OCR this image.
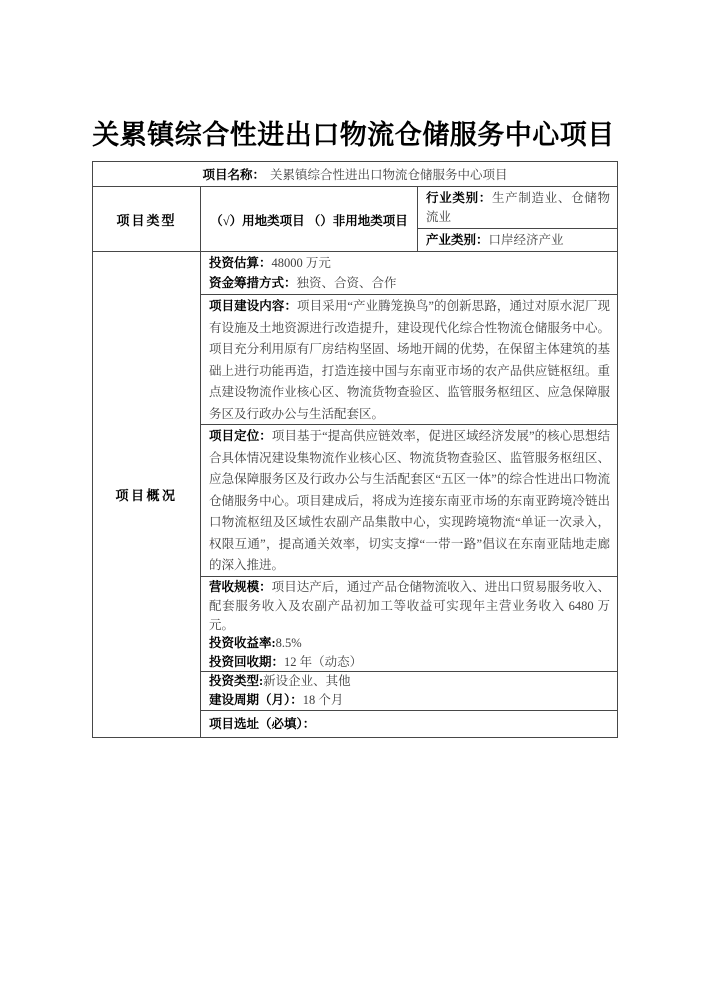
关累镇综合性进出口物流仓储服务中心项目
项目名称： 关累镇综合性进出口物流仓储服务中心项目
项目类型	（√）用地类项目 （）非用地类项目
行业类别：生产制造业、仓储物流业
产业类别：口岸经济产业
项目概况
投资估算：48000 万元
资金筹措方式：独资、合资、合作
项目建设内容：项目采用“产业腾笼换鸟”的创新思路，通过对原水泥厂现有设施及土地资源进行改造提升，建设现代化综合性物流仓储服务中心。项目充分利用原有厂房结构坚固、场地开阔的优势，在保留主体建筑的基础上进行功能再造，打造连接中国与东南亚市场的农产品供应链枢纽。重点建设物流作业核心区、物流货物查验区、监管服务枢纽区、应急保障服务区及行政办公与生活配套区。
项目定位：项目基于“提高供应链效率，促进区域经济发展”的核心思想结合具体情况建设集物流作业核心区、物流货物查验区、监管服务枢纽区、应急保障服务区及行政办公与生活配套区“五区一体”的综合性进出口物流仓储服务中心。项目建成后，将成为连接东南亚市场的东南亚跨境冷链出口物流枢纽及区域性农副产品集散中心，实现跨境物流“单证一次录入，权限互通”，提高通关效率，切实支撑“一带一路”倡议在东南亚陆地走廊的深入推进。
营收规模：项目达产后，通过产品仓储物流收入、进出口贸易服务收入、配套服务收入及农副产品初加工等收益可实现年主营业务收入 6480 万元。
投资收益率:8.5%
投资回收期：12 年（动态）
投资类型:新设企业、其他
建设周期（月）：18 个月
项目选址（必填）：
